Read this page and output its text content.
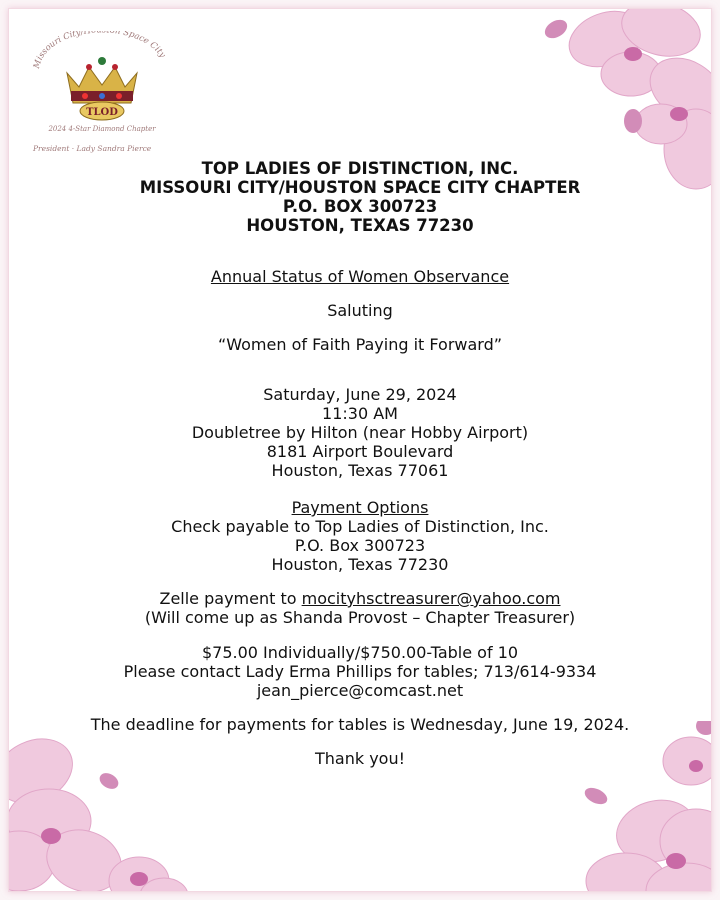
Missouri City/H n Space City
TLOD
2024 4-Star Diamond Chapter
President · Lady Sandra Pierce
TOP LADIES OF DISTINCTION, INC.
MISSOURI CITY/HOUSTON SPACE CITY CHAPTER
P.O. BOX 300723
HOUSTON, TEXAS 77230
Annual Status of Women Observance
Saluting
“Women of Faith Paying it Forward”
Saturday, June 29, 2024
11:30 AM
Doubletree by Hilton (near Hobby Airport)
8181 Airport Boulevard
Houston, Texas 77061
Payment Options
Check payable to Top Ladies of Distinction, Inc.
P.O. Box 300723
Houston, Texas 77230
Zelle payment to mocityhsctreasurer@yahoo.com
(Will come up as Shanda Provost – Chapter Treasurer)
$75.00 Individually/$750.00-Table of 10
Please contact Lady Erma Phillips for tables; 713/614-9334
jean_pierce@comcast.net
The deadline for payments for tables is Wednesday, June 19, 2024.
Thank you!
